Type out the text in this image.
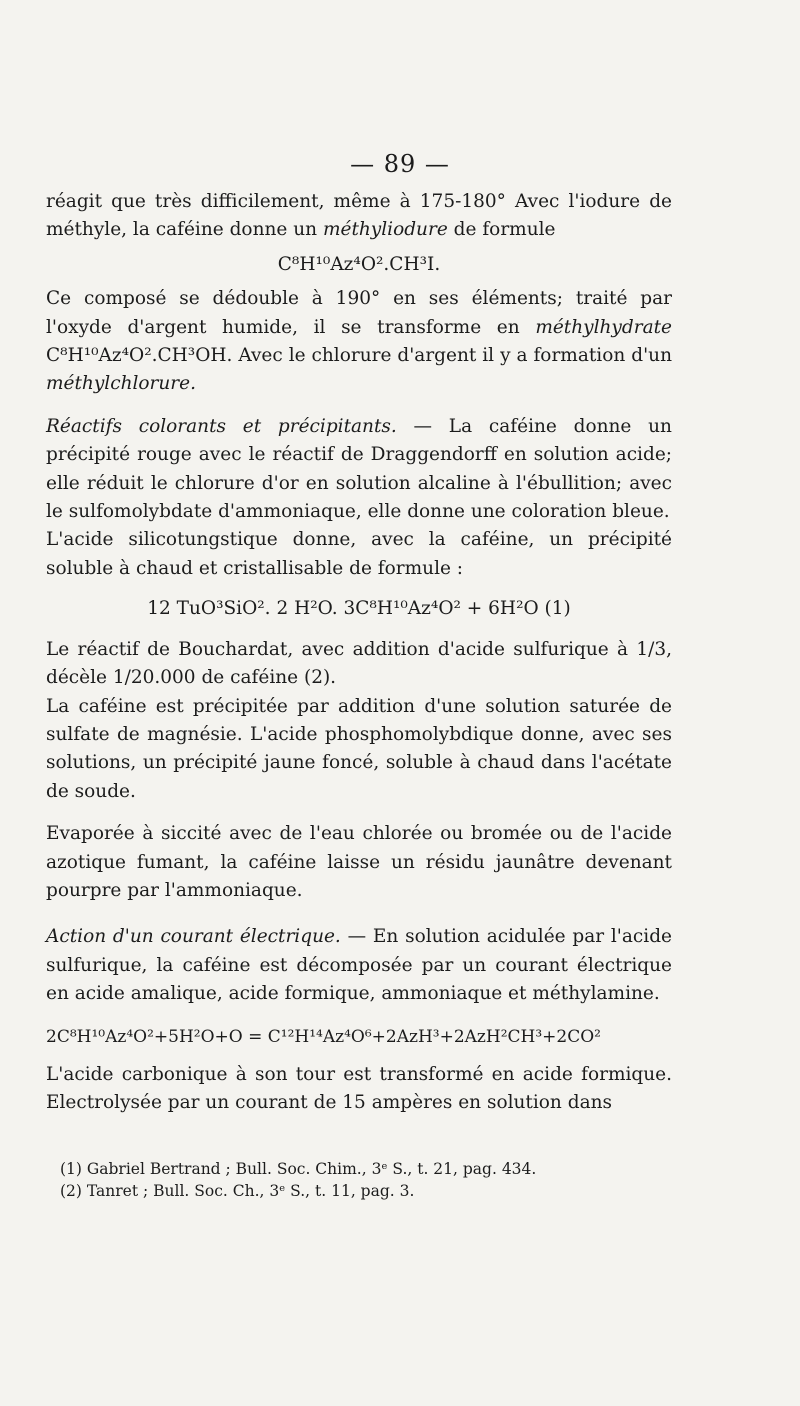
— 89 —

réagit que très difficilement, même à 175-180° Avec l'iodure de méthyle, la caféine donne un méthyliodure de formule

C⁸H¹⁰Az⁴O².CH³I.

Ce composé se dédouble à 190° en ses éléments; traité par l'oxyde d'argent humide, il se transforme en méthylhydrate C⁸H¹⁰Az⁴O².CH³OH. Avec le chlorure d'argent il y a formation d'un méthylchlorure.

Réactifs colorants et précipitants. — La caféine donne un précipité rouge avec le réactif de Draggendorff en solution acide; elle réduit le chlorure d'or en solution alcaline à l'ébullition; avec le sulfomolybdate d'ammoniaque, elle donne une coloration bleue.

L'acide silicotungstique donne, avec la caféine, un précipité soluble à chaud et cristallisable de formule :

12 TuO³SiO². 2 H²O. 3C⁸H¹⁰Az⁴O² + 6H²O (1)

Le réactif de Bouchardat, avec addition d'acide sulfurique à 1/3, décèle 1/20.000 de caféine (2).

La caféine est précipitée par addition d'une solution saturée de sulfate de magnésie. L'acide phosphomolybdique donne, avec ses solutions, un précipité jaune foncé, soluble à chaud dans l'acétate de soude.

Evaporée à siccité avec de l'eau chlorée ou bromée ou de l'acide azotique fumant, la caféine laisse un résidu jaunâtre devenant pourpre par l'ammoniaque.

Action d'un courant électrique. — En solution acidulée par l'acide sulfurique, la caféine est décomposée par un courant électrique en acide amalique, acide formique, ammoniaque et méthylamine.

2C⁸H¹⁰Az⁴O²+5H²O+O = C¹²H¹⁴Az⁴O⁶+2AzH³+2AzH²CH³+2CO²

L'acide carbonique à son tour est transformé en acide formique. Electrolysée par un courant de 15 ampères en solution dans

(1) Gabriel Bertrand ; Bull. Soc. Chim., 3ᵉ S., t. 21, pag. 434.

(2) Tanret ; Bull. Soc. Ch., 3ᵉ S., t. 11, pag. 3.
